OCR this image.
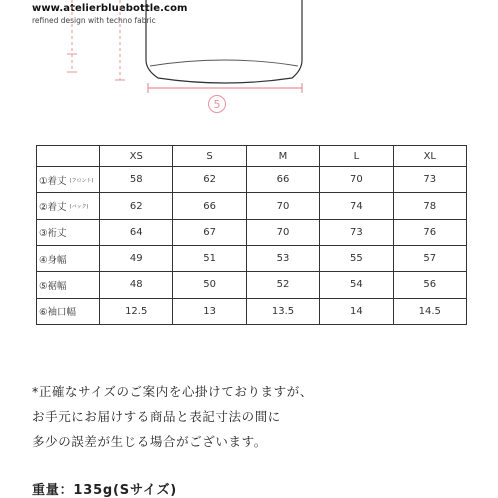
www.atelierbluebottle.com
refined design with techno fabric
5
	XS	S	M	L	XL
①着丈 $^{(フロント)}$	58	62	66	70	73
②着丈 $^{(バック)}$	62	66	70	74	78
③裄丈	64	67	70	73	76
④身幅	49	51	53	55	57
⑤裾幅	48	50	52	54	56
⑥袖口幅	12.5	13	13.5	14	14.5
*正確なサイズのご案内を心掛けておりますが、
お手元にお届けする商品と表記寸法の間に
多少の誤差が生じる場合がございます。
重量：135g(Sサイズ)
